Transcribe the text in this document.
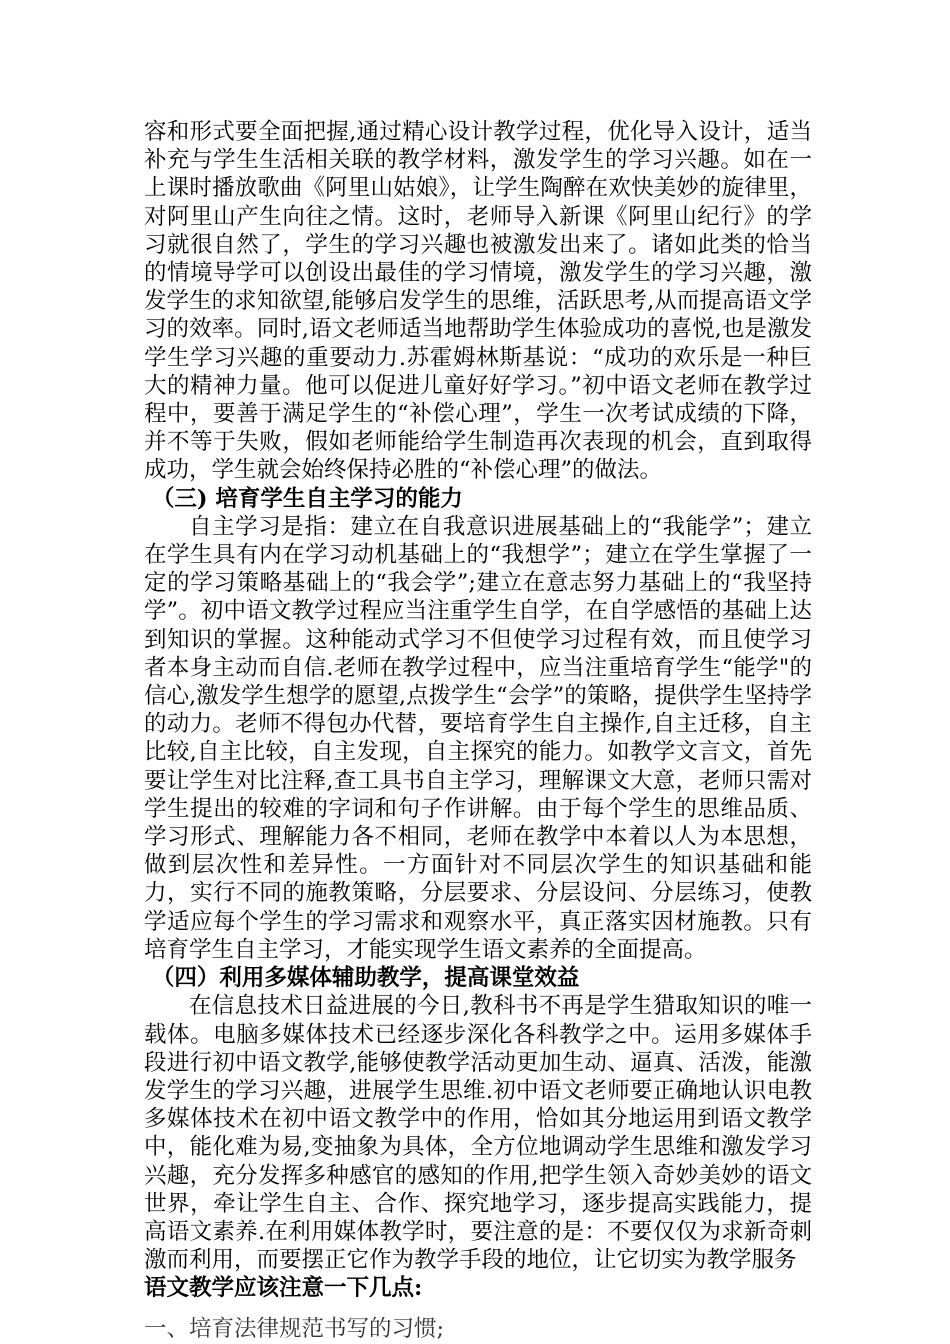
容和形式要全面把握,通过精心设计教学过程，优化导入设计，适当补充与学生生活相关联的教学材料，激发学生的学习兴趣。如在一上课时播放歌曲《阿里山姑娘》，让学生陶醉在欢快美妙的旋律里，对阿里山产生向往之情。这时，老师导入新课《阿里山纪行》的学习就很自然了，学生的学习兴趣也被激发出来了。诸如此类的恰当的情境导学可以创设出最佳的学习情境，激发学生的学习兴趣，激发学生的求知欲望,能够启发学生的思维，活跃思考,从而提高语文学习的效率。同时,语文老师适当地帮助学生体验成功的喜悦,也是激发学生学习兴趣的重要动力.苏霍姆林斯基说：“成功的欢乐是一种巨大的精神力量。他可以促进儿童好好学习。”初中语文老师在教学过程中，要善于满足学生的“补偿心理”，学生一次考试成绩的下降，并不等于失败，假如老师能给学生制造再次表现的机会，直到取得成功，学生就会始终保持必胜的“补偿心理”的做法。

（三) 培育学生自主学习的能力

自主学习是指：建立在自我意识进展基础上的“我能学”；建立在学生具有内在学习动机基础上的“我想学”；建立在学生掌握了一定的学习策略基础上的“我会学”;建立在意志努力基础上的“我坚持学”。初中语文教学过程应当注重学生自学，在自学感悟的基础上达到知识的掌握。这种能动式学习不但使学习过程有效，而且使学习者本身主动而自信.老师在教学过程中，应当注重培育学生“能学"的信心,激发学生想学的愿望,点拨学生“会学”的策略，提供学生坚持学的动力。老师不得包办代替，要培育学生自主操作,自主迁移，自主比较,自主比较，自主发现，自主探究的能力。如教学文言文，首先要让学生对比注释,查工具书自主学习，理解课文大意，老师只需对学生提出的较难的字词和句子作讲解。由于每个学生的思维品质、学习形式、理解能力各不相同，老师在教学中本着以人为本思想，做到层次性和差异性。一方面针对不同层次学生的知识基础和能力，实行不同的施教策略，分层要求、分层设问、分层练习，使教学适应每个学生的学习需求和观察水平，真正落实因材施教。只有培育学生自主学习，才能实现学生语文素养的全面提高。

（四）利用多媒体辅助教学，提高课堂效益

在信息技术日益进展的今日,教科书不再是学生猎取知识的唯一载体。电脑多媒体技术已经逐步深化各科教学之中。运用多媒体手段进行初中语文教学,能够使教学活动更加生动、逼真、活泼，能激发学生的学习兴趣，进展学生思维.初中语文老师要正确地认识电教多媒体技术在初中语文教学中的作用，恰如其分地运用到语文教学中，能化难为易,变抽象为具体，全方位地调动学生思维和激发学习兴趣，充分发挥多种感官的感知的作用,把学生领入奇妙美妙的语文世界，牵让学生自主、合作、探究地学习，逐步提高实践能力，提高语文素养.在利用媒体教学时，要注意的是：不要仅仅为求新奇刺激而利用，而要摆正它作为教学手段的地位，让它切实为教学服务

语文教学应该注意一下几点:

一、培育法律规范书写的习惯;
